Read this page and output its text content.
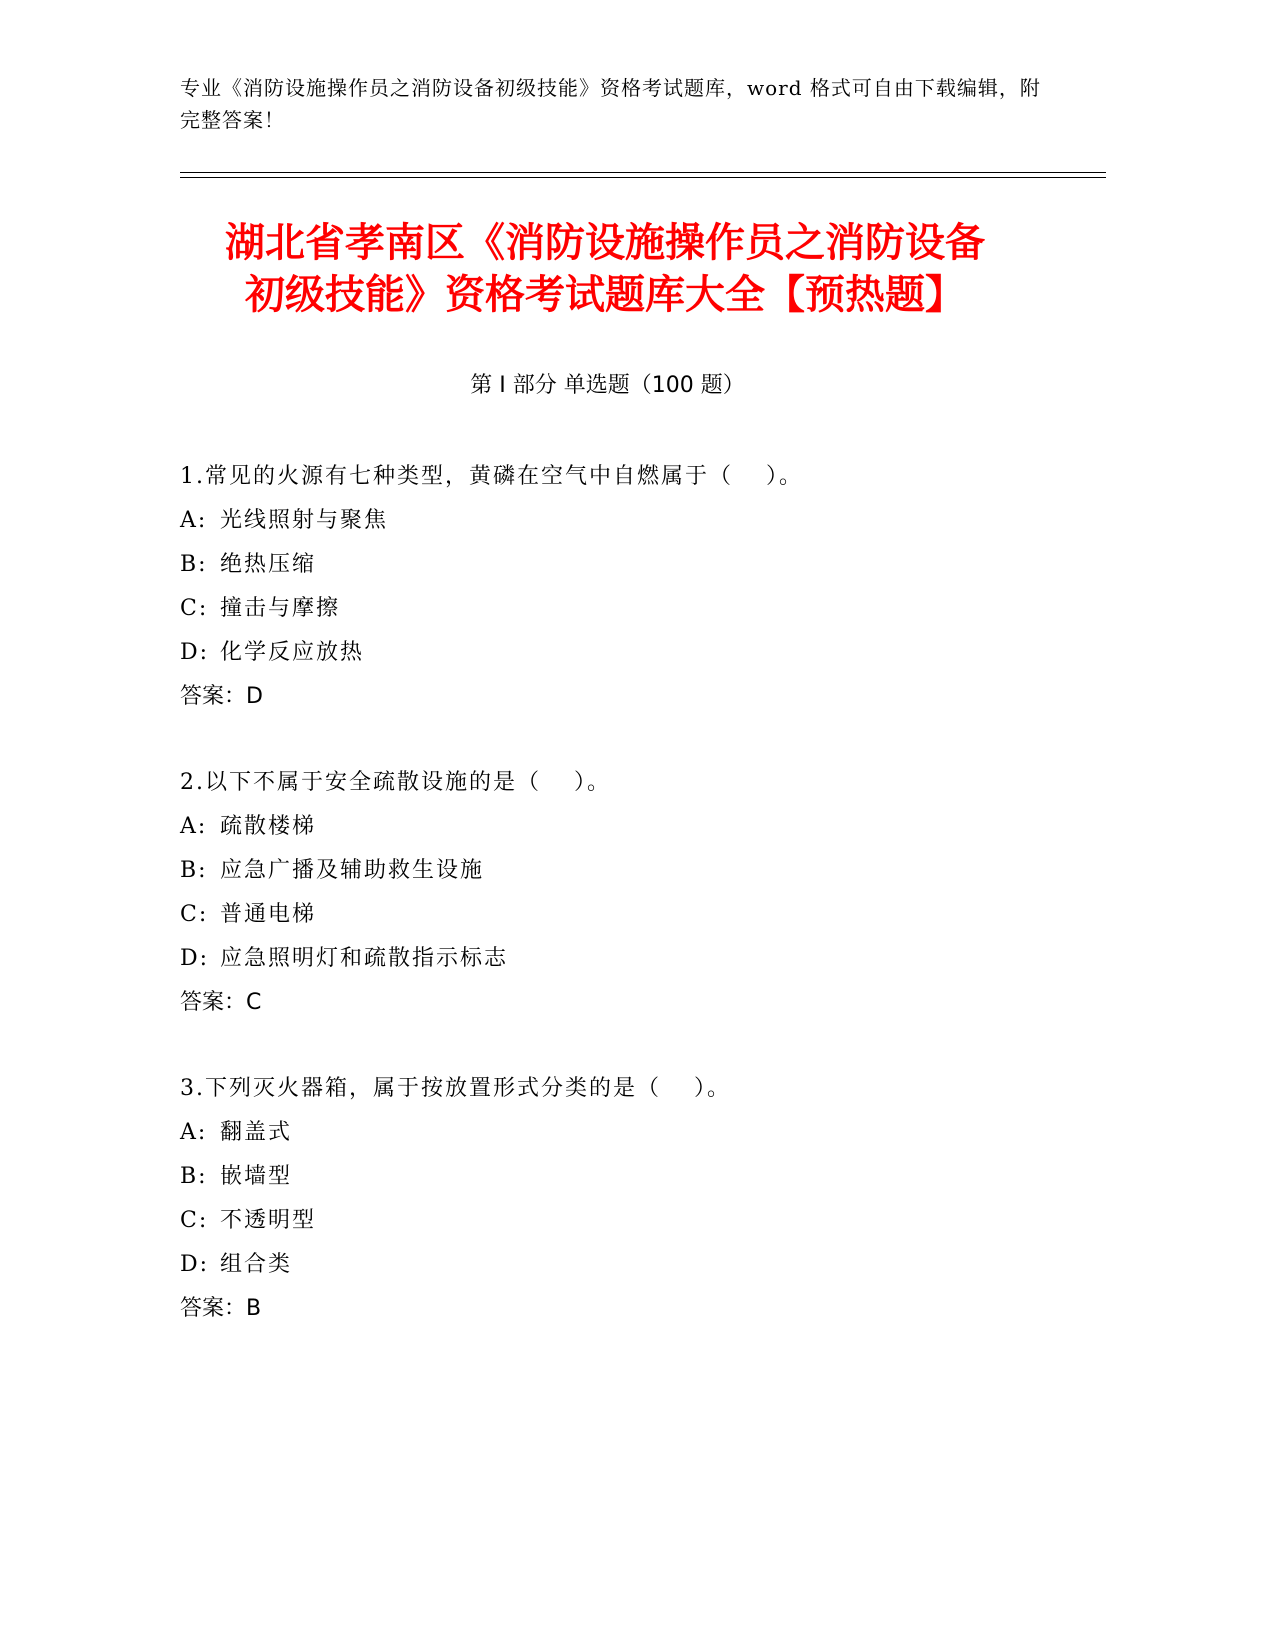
专业《消防设施操作员之消防设备初级技能》资格考试题库，word 格式可自由下载编辑，附完整答案！
湖北省孝南区《消防设施操作员之消防设备
初级技能》资格考试题库大全【预热题】
第 I 部分 单选题（100 题）
1.常见的火源有七种类型，黄磷在空气中自燃属于（　 ）。
A: 光线照射与聚焦
B: 绝热压缩
C: 撞击与摩擦
D: 化学反应放热
答案：D
2.以下不属于安全疏散设施的是（　 ）。
A: 疏散楼梯
B: 应急广播及辅助救生设施
C: 普通电梯
D: 应急照明灯和疏散指示标志
答案：C
3.下列灭火器箱，属于按放置形式分类的是（　 ）。
A: 翻盖式
B: 嵌墙型
C: 不透明型
D: 组合类
答案：B
